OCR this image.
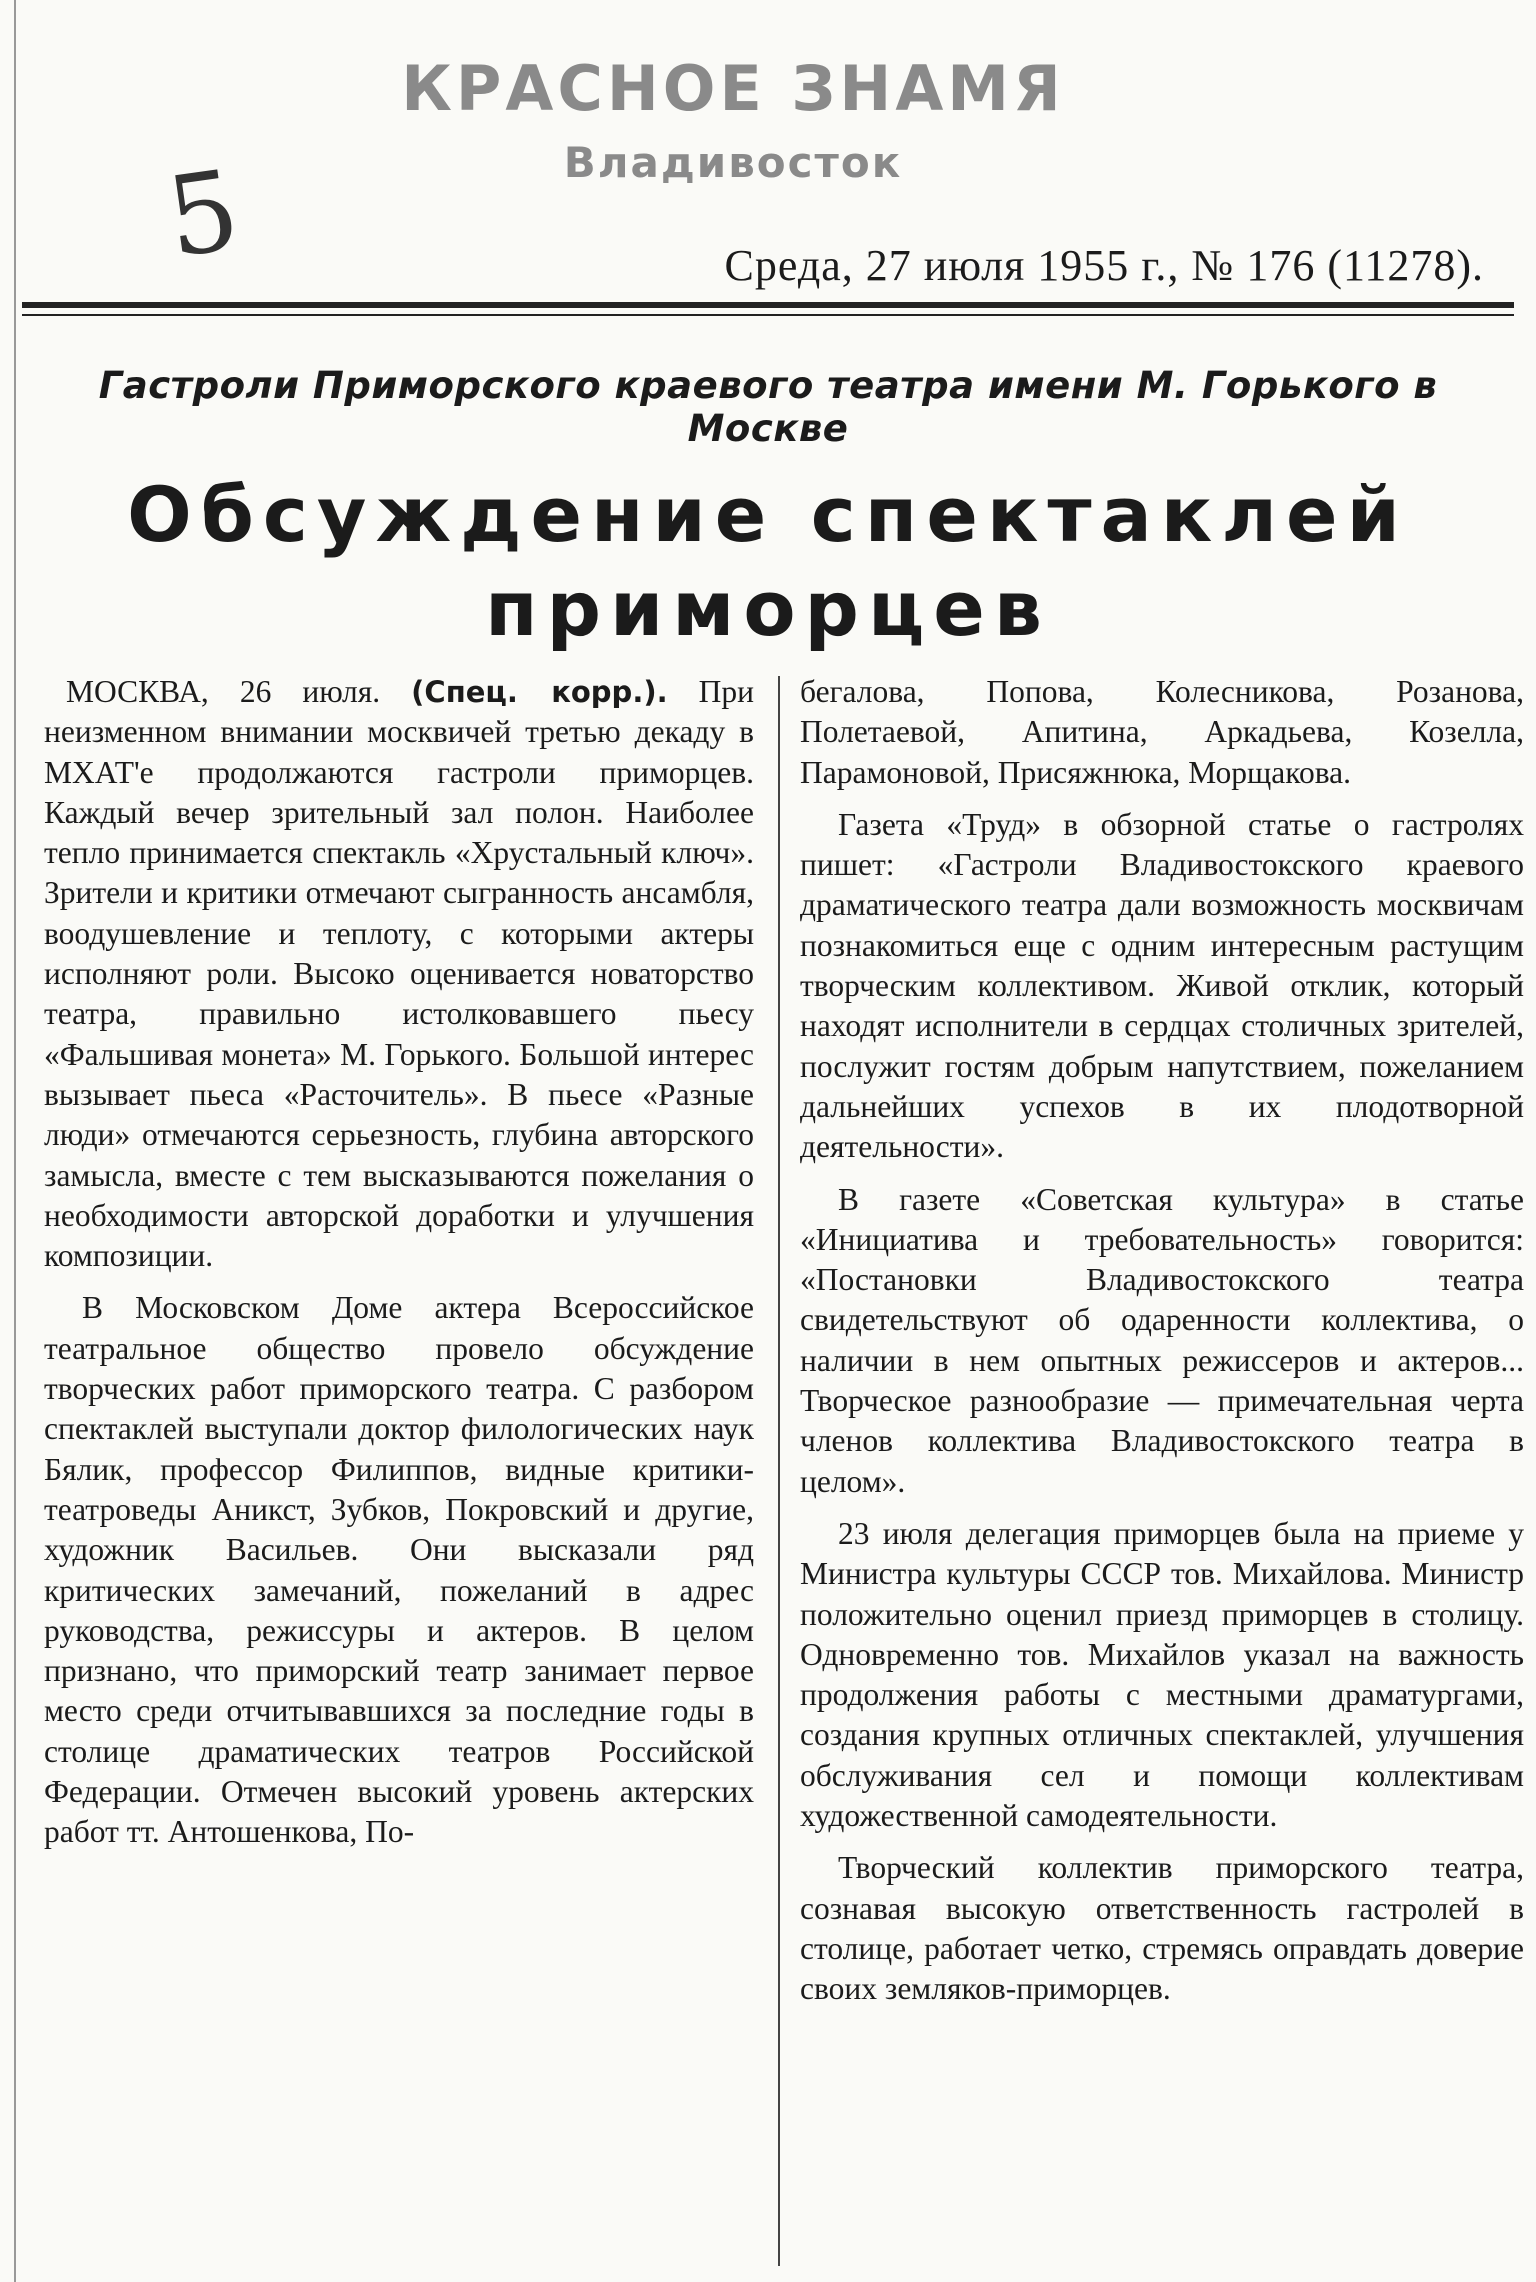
КРАСНОЕ ЗНАМЯ
Владивосток
5	Среда, 27 июля 1955 г., № 176 (11278).
Гастроли Приморского краевого театра имени М. Горького в Москве
Обсуждение спектаклей
приморцев

МОСКВА, 26 июля. (Спец. корр.). При неизменном внимании москвичей третью декаду в МХАТ'е продолжаются гастроли приморцев. Каждый вечер зрительный зал полон. Наиболее тепло принимается спектакль «Хрустальный ключ». Зрители и критики отмечают сыгранность ансамбля, воодушевление и теплоту, с которыми актеры исполняют роли. Высоко оценивается новаторство театра, правильно истолковавшего пьесу «Фальшивая монета» М. Горького. Большой интерес вызывает пьеса «Расточитель». В пьесе «Разные люди» отмечаются серьезность, глубина авторского замысла, вместе с тем высказываются пожелания о необходимости авторской доработки и улучшения композиции.

В Московском Доме актера Всероссийское театральное общество провело обсуждение творческих работ приморского театра. С разбором спектаклей выступали доктор филологических наук Бялик, профессор Филиппов, видные критики-театроведы Аникст, Зубков, Покровский и другие, художник Васильев. Они высказали ряд критических замечаний, пожеланий в адрес руководства, режиссуры и актеров. В целом признано, что приморский театр занимает первое место среди отчитывавшихся за последние годы в столице драматических театров Российской Федерации. Отмечен высокий уровень актерских работ тт. Антошенкова, По-

бегалова, Попова, Колесникова, Розанова, Полетаевой, Апитина, Аркадьева, Козелла, Парамоновой, Присяжнюка, Морщакова.

Газета «Труд» в обзорной статье о гастролях пишет: «Гастроли Владивостокского краевого драматического театра дали возможность москвичам познакомиться еще с одним интересным растущим творческим коллективом. Живой отклик, который находят исполнители в сердцах столичных зрителей, послужит гостям добрым напутствием, пожеланием дальнейших успехов в их плодотворной деятельности».

В газете «Советская культура» в статье «Инициатива и требовательность» говорится: «Постановки Владивостокского театра свидетельствуют об одаренности коллектива, о наличии в нем опытных режиссеров и актеров... Творческое разнообразие — примечательная черта членов коллектива Владивостокского театра в целом».

23 июля делегация приморцев была на приеме у Министра культуры СССР тов. Михайлова. Министр положительно оценил приезд приморцев в столицу. Одновременно тов. Михайлов указал на важность продолжения работы с местными драматургами, создания крупных отличных спектаклей, улучшения обслуживания сел и помощи коллективам художественной самодеятельности.

Творческий коллектив приморского театра, сознавая высокую ответственность гастролей в столице, работает четко, стремясь оправдать доверие своих земляков-приморцев.
